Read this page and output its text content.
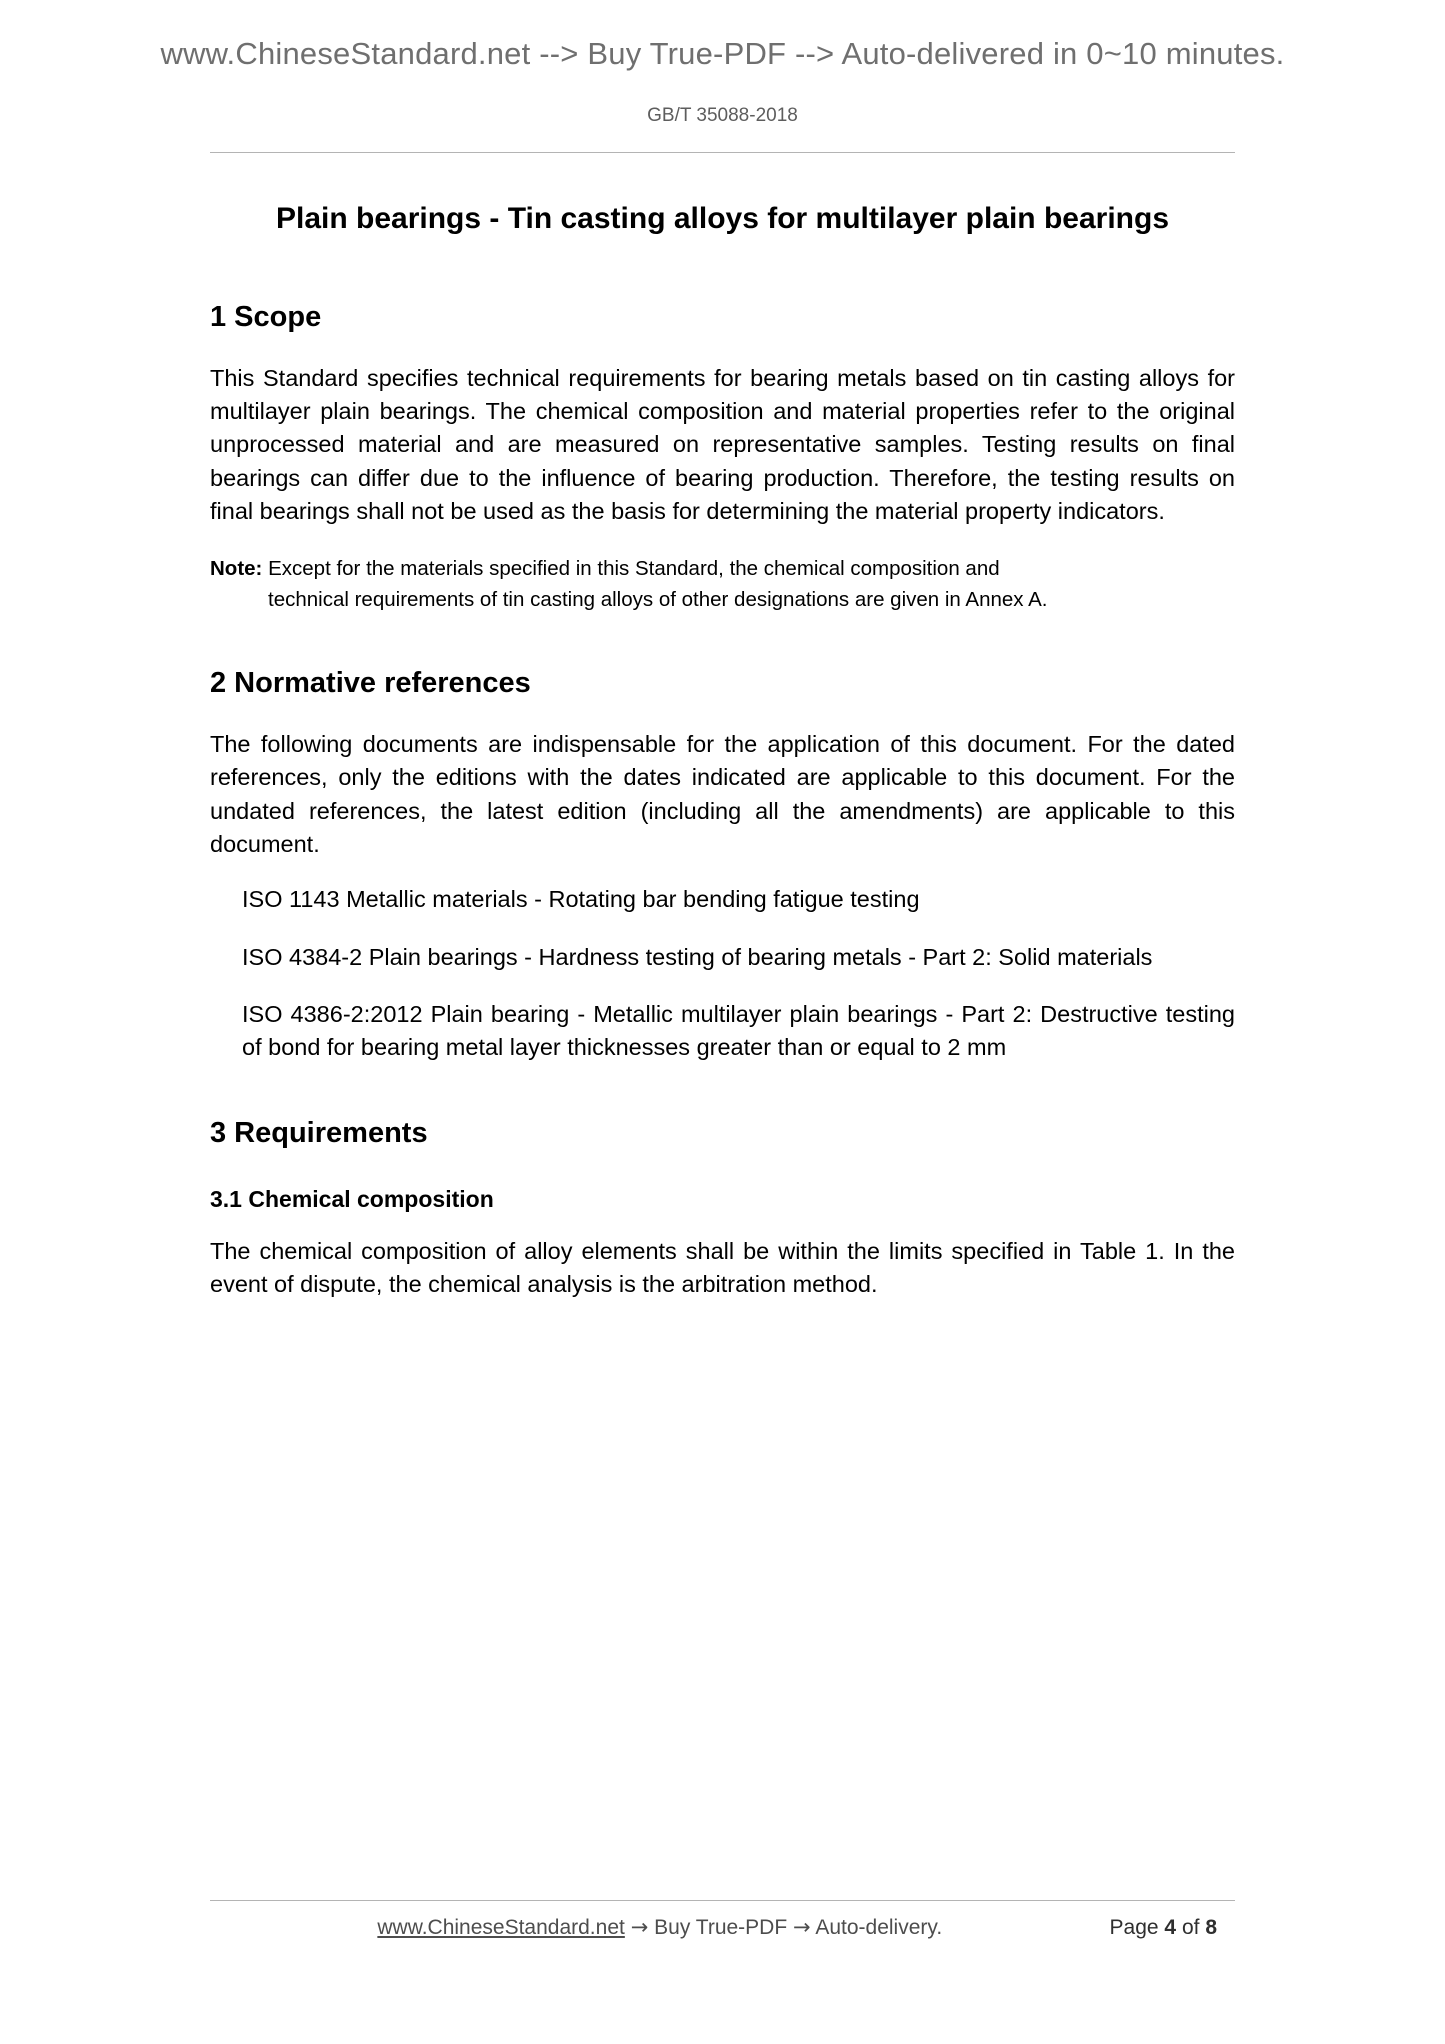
www.ChineseStandard.net --> Buy True-PDF --> Auto-delivered in 0~10 minutes.
GB/T 35088-2018
Plain bearings - Tin casting alloys for multilayer plain bearings
1 Scope

This Standard specifies technical requirements for bearing metals based on tin casting alloys for multilayer plain bearings. The chemical composition and material properties refer to the original unprocessed material and are measured on representative samples. Testing results on final bearings can differ due to the influence of bearing production. Therefore, the testing results on final bearings shall not be used as the basis for determining the material property indicators.

Note: Except for the materials specified in this Standard, the chemical composition and
technical requirements of tin casting alloys of other designations are given in Annex A.

2 Normative references

The following documents are indispensable for the application of this document. For the dated references, only the editions with the dates indicated are applicable to this document. For the undated references, the latest edition (including all the amendments) are applicable to this document.

ISO 1143 Metallic materials - Rotating bar bending fatigue testing

ISO 4384-2 Plain bearings - Hardness testing of bearing metals - Part 2: Solid materials

ISO 4386-2:2012 Plain bearing - Metallic multilayer plain bearings - Part 2: Destructive testing of bond for bearing metal layer thicknesses greater than or equal to 2 mm

3 Requirements
3.1 Chemical composition

The chemical composition of alloy elements shall be within the limits specified in Table 1. In the event of dispute, the chemical analysis is the arbitration method.

www.ChineseStandard.net → Buy True-PDF → Auto-delivery.	Page 4 of 8
